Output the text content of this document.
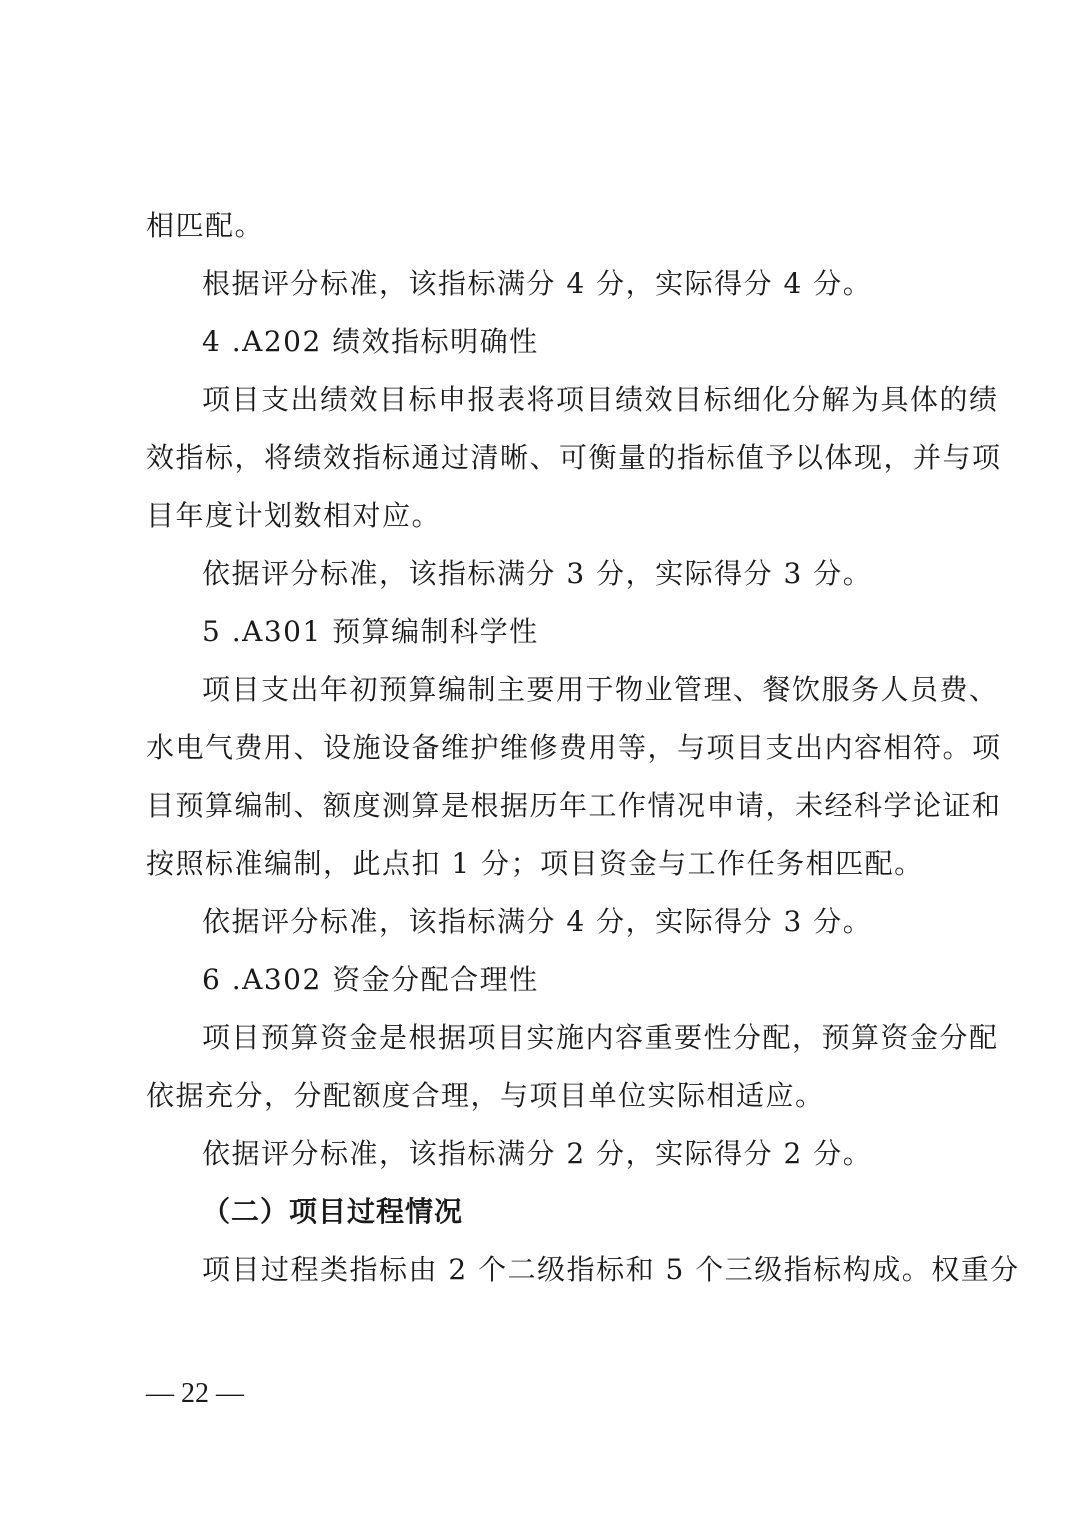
相匹配。
根据评分标准，该指标满分 4 分，实际得分 4 分。
4 .A202 绩效指标明确性
项目支出绩效目标申报表将项目绩效目标细化分解为具体的绩
效指标，将绩效指标通过清晰、可衡量的指标值予以体现，并与项
目年度计划数相对应。
依据评分标准，该指标满分 3 分，实际得分 3 分。
5 .A301 预算编制科学性
项目支出年初预算编制主要用于物业管理、餐饮服务人员费、
水电气费用、设施设备维护维修费用等，与项目支出内容相符。项
目预算编制、额度测算是根据历年工作情况申请，未经科学论证和
按照标准编制，此点扣 1 分；项目资金与工作任务相匹配。
依据评分标准，该指标满分 4 分，实际得分 3 分。
6 .A302 资金分配合理性
项目预算资金是根据项目实施内容重要性分配，预算资金分配
依据充分，分配额度合理，与项目单位实际相适应。
依据评分标准，该指标满分 2 分，实际得分 2 分。
（二）项目过程情况
项目过程类指标由 2 个二级指标和 5 个三级指标构成。权重分
— 22 —
